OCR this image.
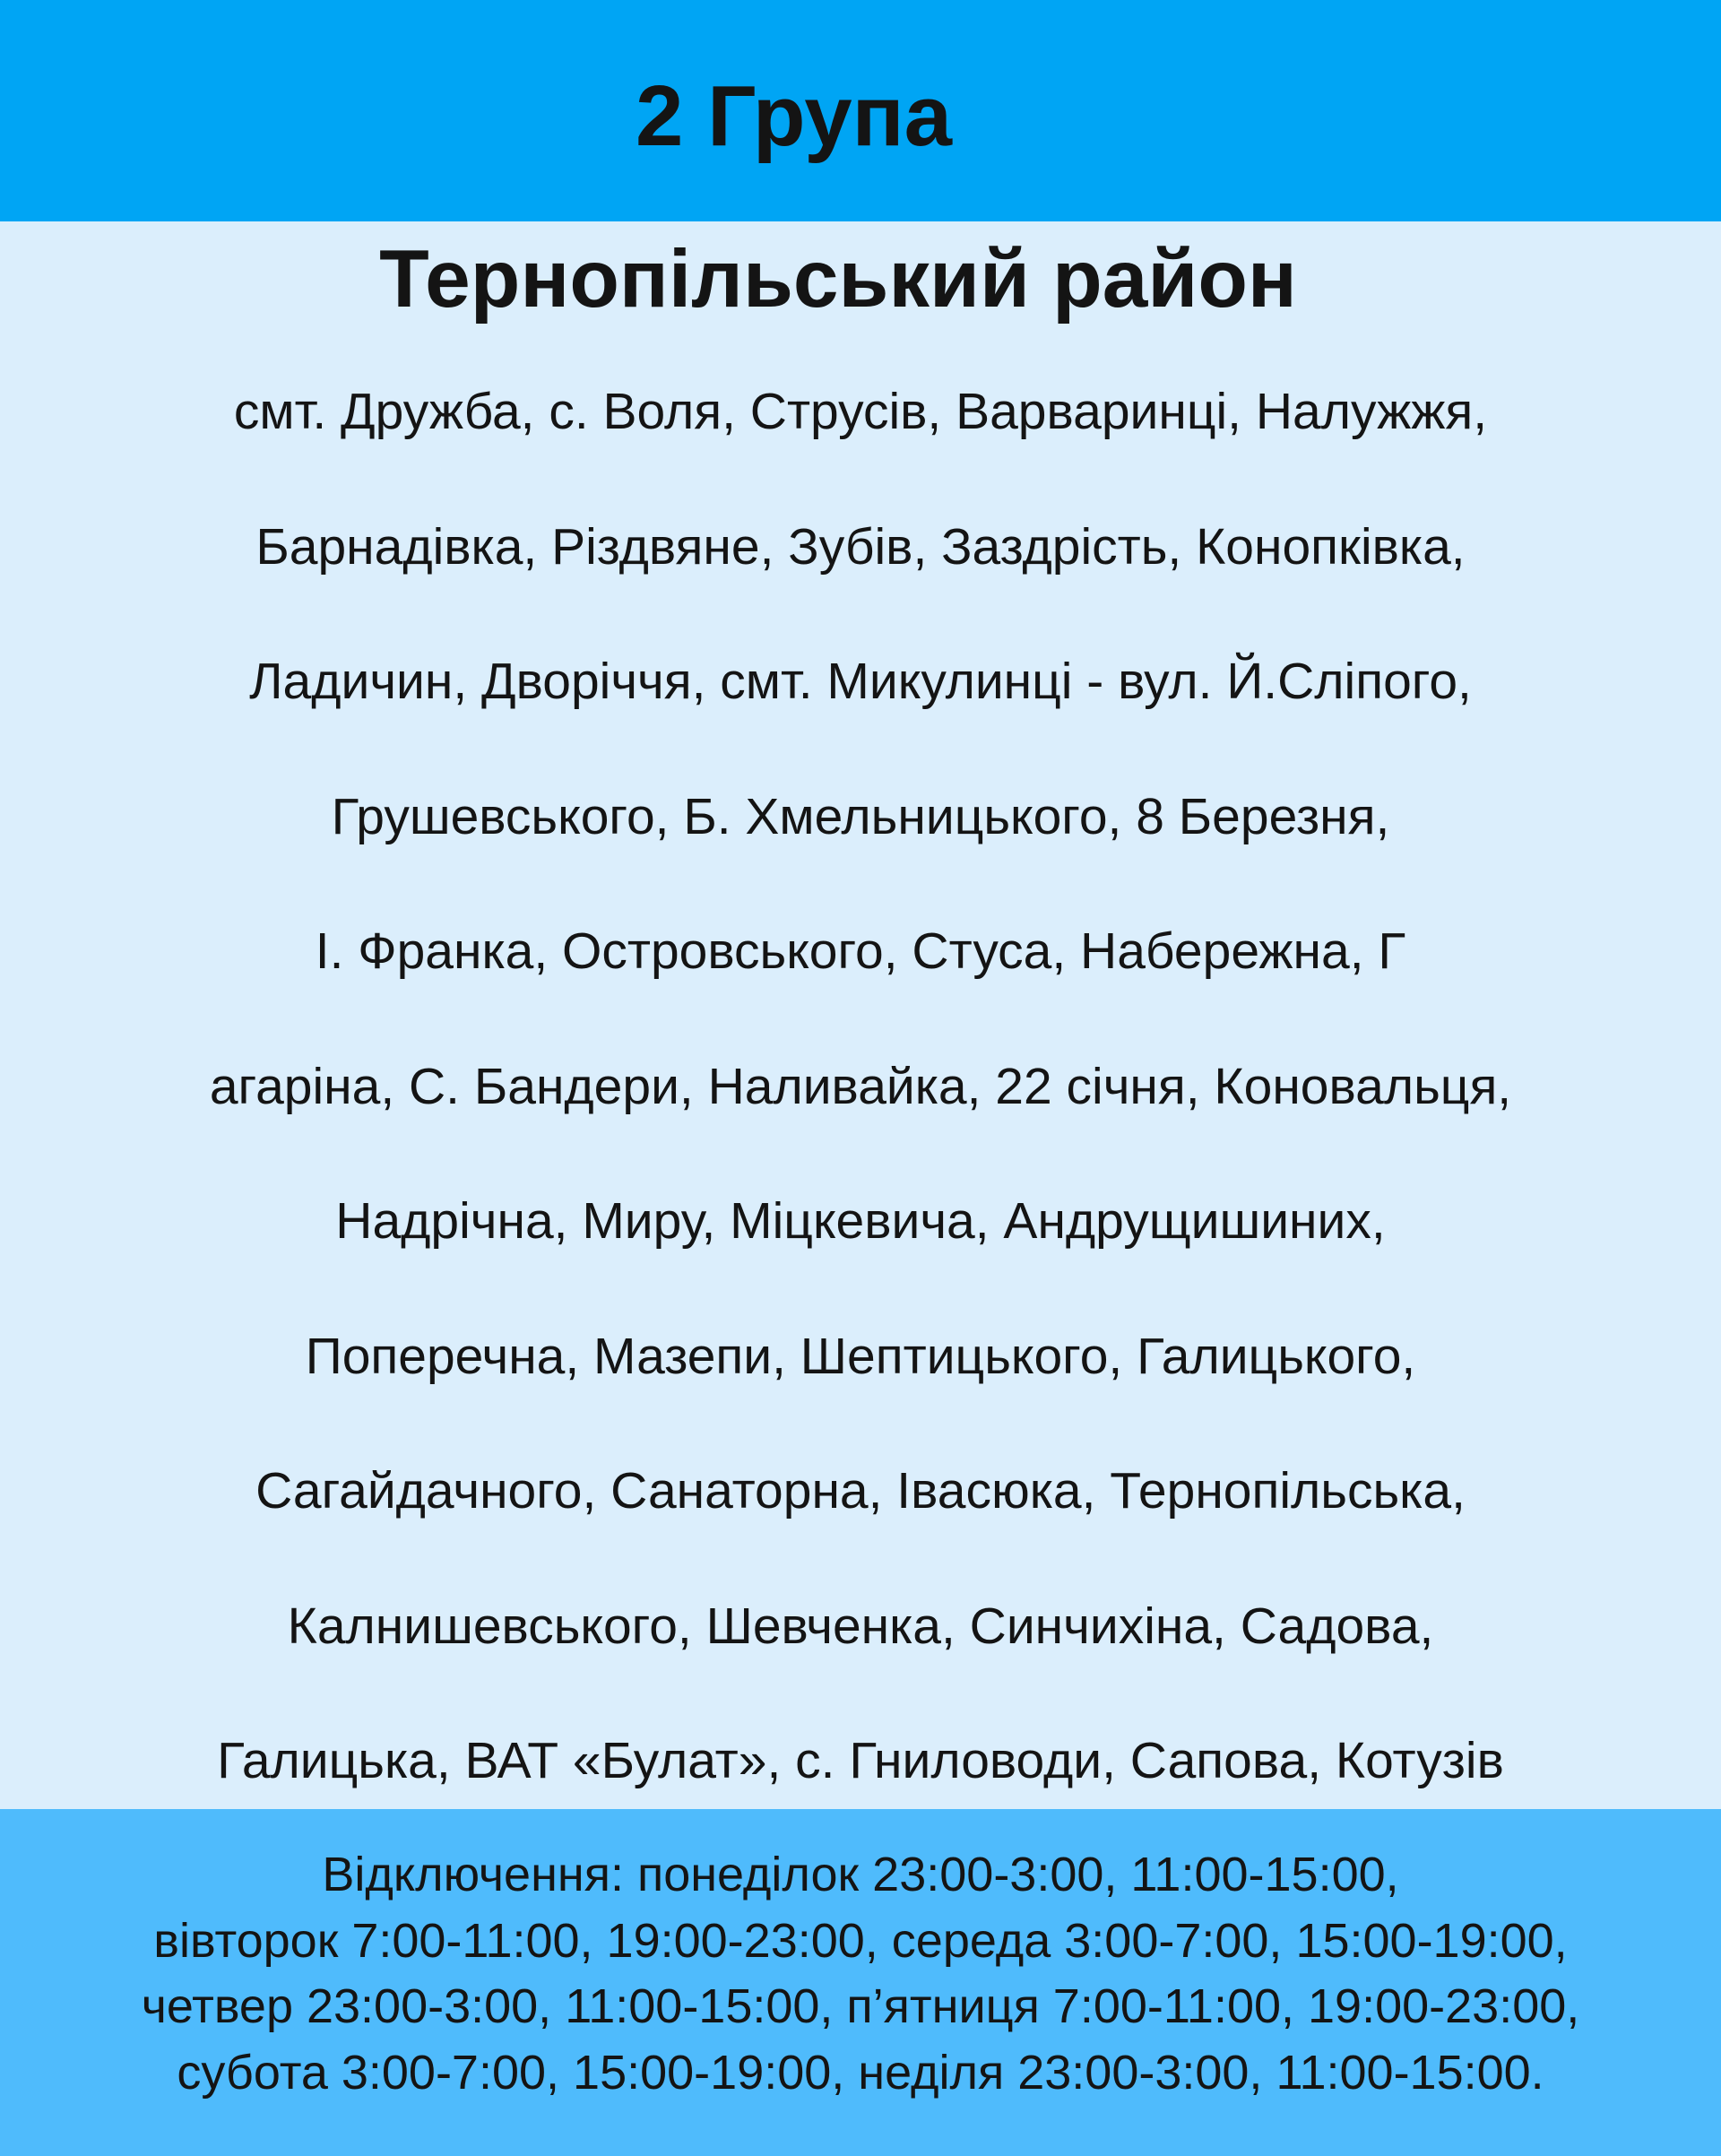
2 Група
Тернопільський район
смт. Дружба, с. Воля, Струсів, Варваринці, Налужжя,
Барнадівка, Різдвяне, Зубів, Заздрість, Конопківка,
Ладичин, Дворіччя, смт. Микулинці - вул. Й.Сліпого,
Грушевського, Б. Хмельницького, 8 Березня,
І. Франка, Островського, Стуса, Набережна, Г
агаріна, С. Бандери, Наливайка, 22 січня, Коновальця,
Надрічна, Миру, Міцкевича, Андрущишиних,
Поперечна, Мазепи, Шептицького, Галицького,
Сагайдачного, Санаторна, Івасюка, Тернопільська,
Калнишевського, Шевченка, Синчихіна, Садова,
Галицька, ВАТ «Булат», с. Гниловоди, Сапова, Котузів
Відключення: понеділок 23:00-3:00, 11:00-15:00,
вівторок 7:00-11:00, 19:00-23:00, середа 3:00-7:00, 15:00-19:00,
четвер 23:00-3:00, 11:00-15:00, п’ятниця 7:00-11:00, 19:00-23:00,
субота 3:00-7:00, 15:00-19:00, неділя 23:00-3:00, 11:00-15:00.
